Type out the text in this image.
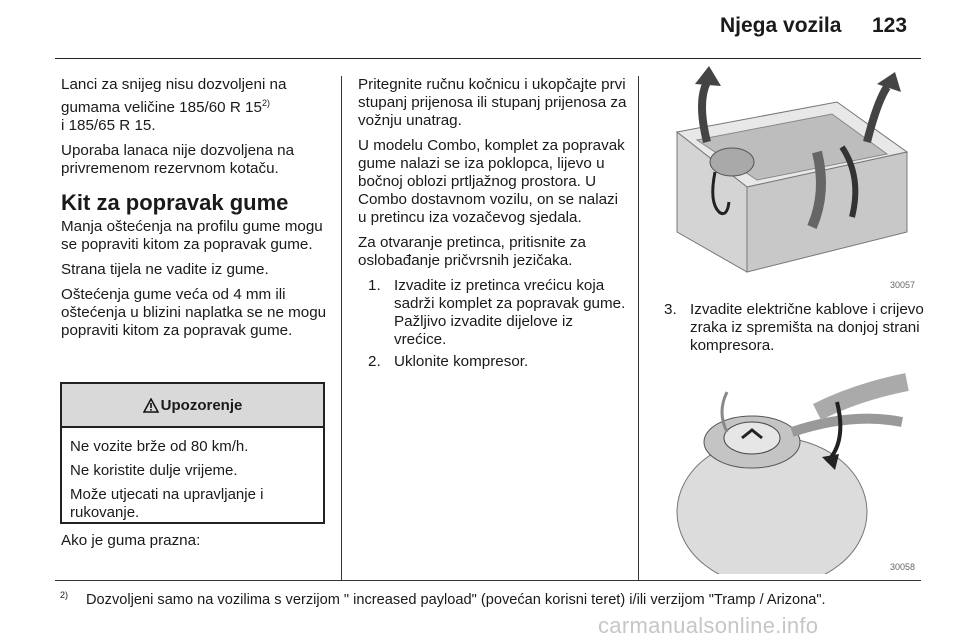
Njega vozila 123

Lanci za snijeg nisu dozvoljeni na gumama veličine 185/60 R 15$^{2)}$
i 185/65 R 15.

Uporaba lanaca nije dozvoljena na privremenom rezervnom kotaču.

Kit za popravak gume

Manja oštećenja na profilu gume mogu se popraviti kitom za popravak gume.

Strana tijela ne vadite iz gume.

Oštećenja gume veća od 4 mm ili oštećenja u blizini naplatka se ne mogu popraviti kitom za popravak gume.

Upozorenje

Ne vozite brže od 80 km/h.

Ne koristite dulje vrijeme.

Može utjecati na upravljanje i rukovanje.

Ako je guma prazna:

Pritegnite ručnu kočnicu i ukopčajte prvi stupanj prijenosa ili stupanj prijenosa za vožnju unatrag.

U modelu Combo, komplet za popravak gume nalazi se iza poklopca, lijevo u bočnoj oblozi prtljažnog prostora. U Combo dostavnom vozilu, on se nalazi u pretincu iza vozačevog sjedala.

Za otvaranje pretinca, pritisnite za oslobađanje pričvrsnih jezičaka.

1. Izvadite iz pretinca vrećicu koja sadrži komplet za popravak gume. Pažljivo izvadite dijelove iz vrećice.
2. Uklonite kompresor.
30057
3. Izvadite električne kablove i crijevo zraka iz spremišta na donjoj strani kompresora.
30058
$^{2)}$ Dozvoljeni samo na vozilima s verzijom " increased payload" (povećan korisni teret) i/ili verzijom "Tramp / Arizona".
carmanualsonline.info
